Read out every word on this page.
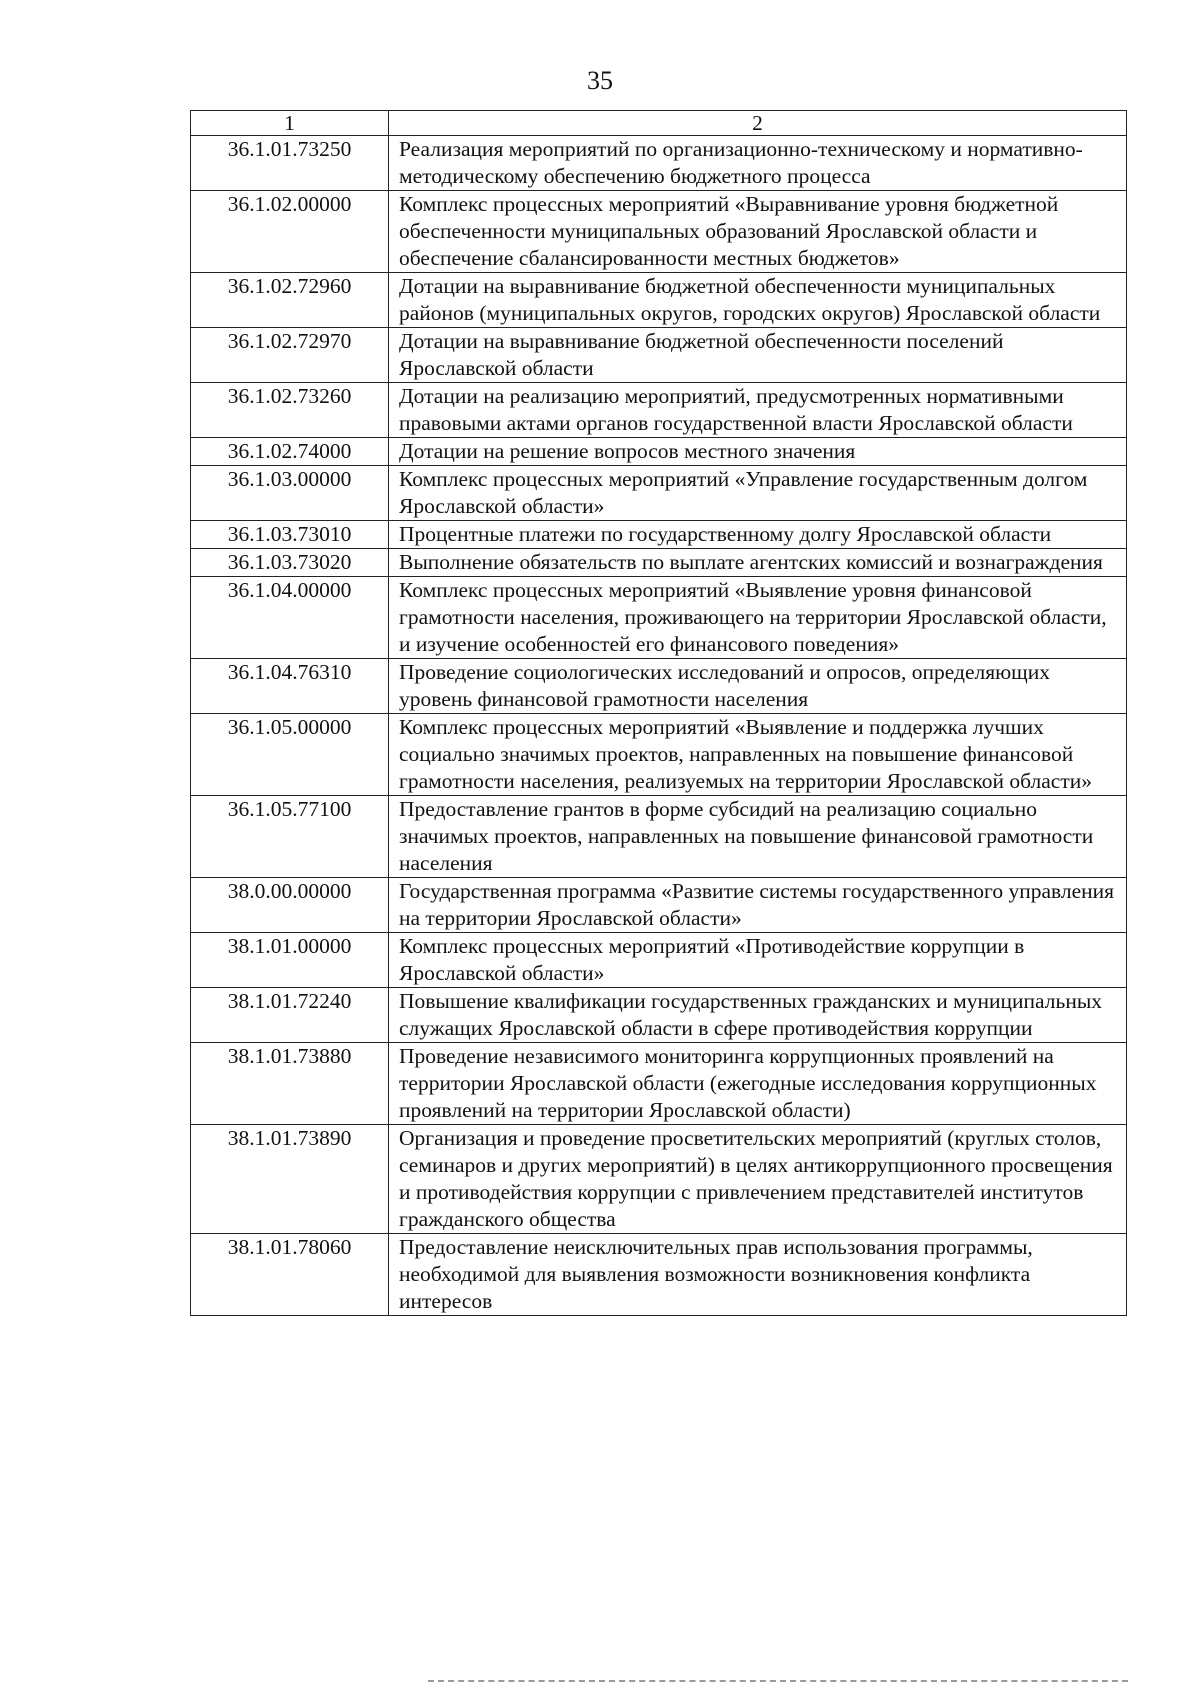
35
1	2
36.1.01.73250	Реализация мероприятий по организационно-техническому и нормативно-методическому обеспечению бюджетного процесса
36.1.02.00000	Комплекс процессных мероприятий «Выравнивание уровня бюджетной обеспеченности муниципальных образований Ярославской области и обеспечение сбалансированности местных бюджетов»
36.1.02.72960	Дотации на выравнивание бюджетной обеспеченности муниципальных районов (муниципальных округов, городских округов) Ярославской области
36.1.02.72970	Дотации на выравнивание бюджетной обеспеченности поселений Ярославской области
36.1.02.73260	Дотации на реализацию мероприятий, предусмотренных нормативными правовыми актами органов государственной власти Ярославской области
36.1.02.74000	Дотации на решение вопросов местного значения
36.1.03.00000	Комплекс процессных мероприятий «Управление государственным долгом Ярославской области»
36.1.03.73010	Процентные платежи по государственному долгу Ярославской области
36.1.03.73020	Выполнение обязательств по выплате агентских комиссий и вознаграждения
36.1.04.00000	Комплекс процессных мероприятий «Выявление уровня финансовой грамотности населения, проживающего на территории Ярославской области, и изучение особенностей его финансового поведения»
36.1.04.76310	Проведение социологических исследований и опросов, определяющих уровень финансовой грамотности населения
36.1.05.00000	Комплекс процессных мероприятий «Выявление и поддержка лучших социально значимых проектов, направленных на повышение финансовой грамотности населения, реализуемых на территории Ярославской области»
36.1.05.77100	Предоставление грантов в форме субсидий на реализацию социально значимых проектов, направленных на повышение финансовой грамотности населения
38.0.00.00000	Государственная программа «Развитие системы государственного управления на территории Ярославской области»
38.1.01.00000	Комплекс процессных мероприятий «Противодействие коррупции в Ярославской области»
38.1.01.72240	Повышение квалификации государственных гражданских и муниципальных служащих Ярославской области в сфере противодействия коррупции
38.1.01.73880	Проведение независимого мониторинга коррупционных проявлений на территории Ярославской области (ежегодные исследования коррупционных проявлений на территории Ярославской области)
38.1.01.73890	Организация и проведение просветительских мероприятий (круглых столов, семинаров и других мероприятий) в целях антикоррупционного просвещения и противодействия коррупции с привлечением представителей институтов гражданского общества
38.1.01.78060	Предоставление неисключительных прав использования программы, необходимой для выявления возможности возникновения конфликта интересов
